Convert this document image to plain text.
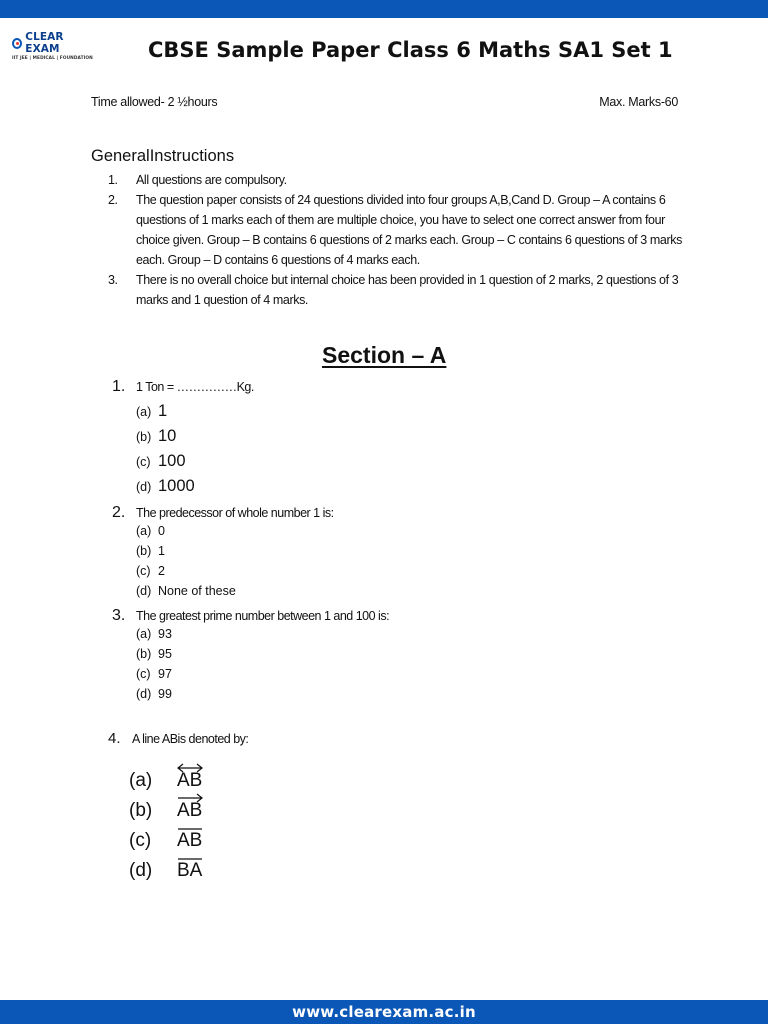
CLEAR EXAM
IIT JEE | MEDICAL | FOUNDATION	CBSE Sample Paper Class 6 Maths SA1 Set 1
Time allowed- 2 ½hours	Max. Marks-60
GeneralInstructions
1.	All questions are compulsory.
2.	The question paper consists of 24 questions divided into four groups A,B,Cand D. Group – A contains 6 questions of 1 marks each of them are multiple choice, you have to select one correct answer from four choice given. Group – B contains 6 questions of 2 marks each. Group – C contains 6 questions of 3 marks each. Group – D contains 6 questions of 4 marks each.
3.	There is no overall choice but internal choice has been provided in 1 question of 2 marks, 2 questions of 3 marks and 1 question of 4 marks.
Section – A
1. 1 Ton = ……………Kg.
(a) 1
(b) 10
(c) 100
(d) 1000
2. The predecessor of whole number 1 is:
(a) 0
(b) 1
(c) 2
(d) None of these
3. The greatest prime number between 1 and 100 is:
(a) 93
(b) 95
(c) 97
(d) 99
4. A line ABis denoted by:
(a)	AB
(b)	AB
(c)	AB
(d)	BA
www.clearexam.ac.in
